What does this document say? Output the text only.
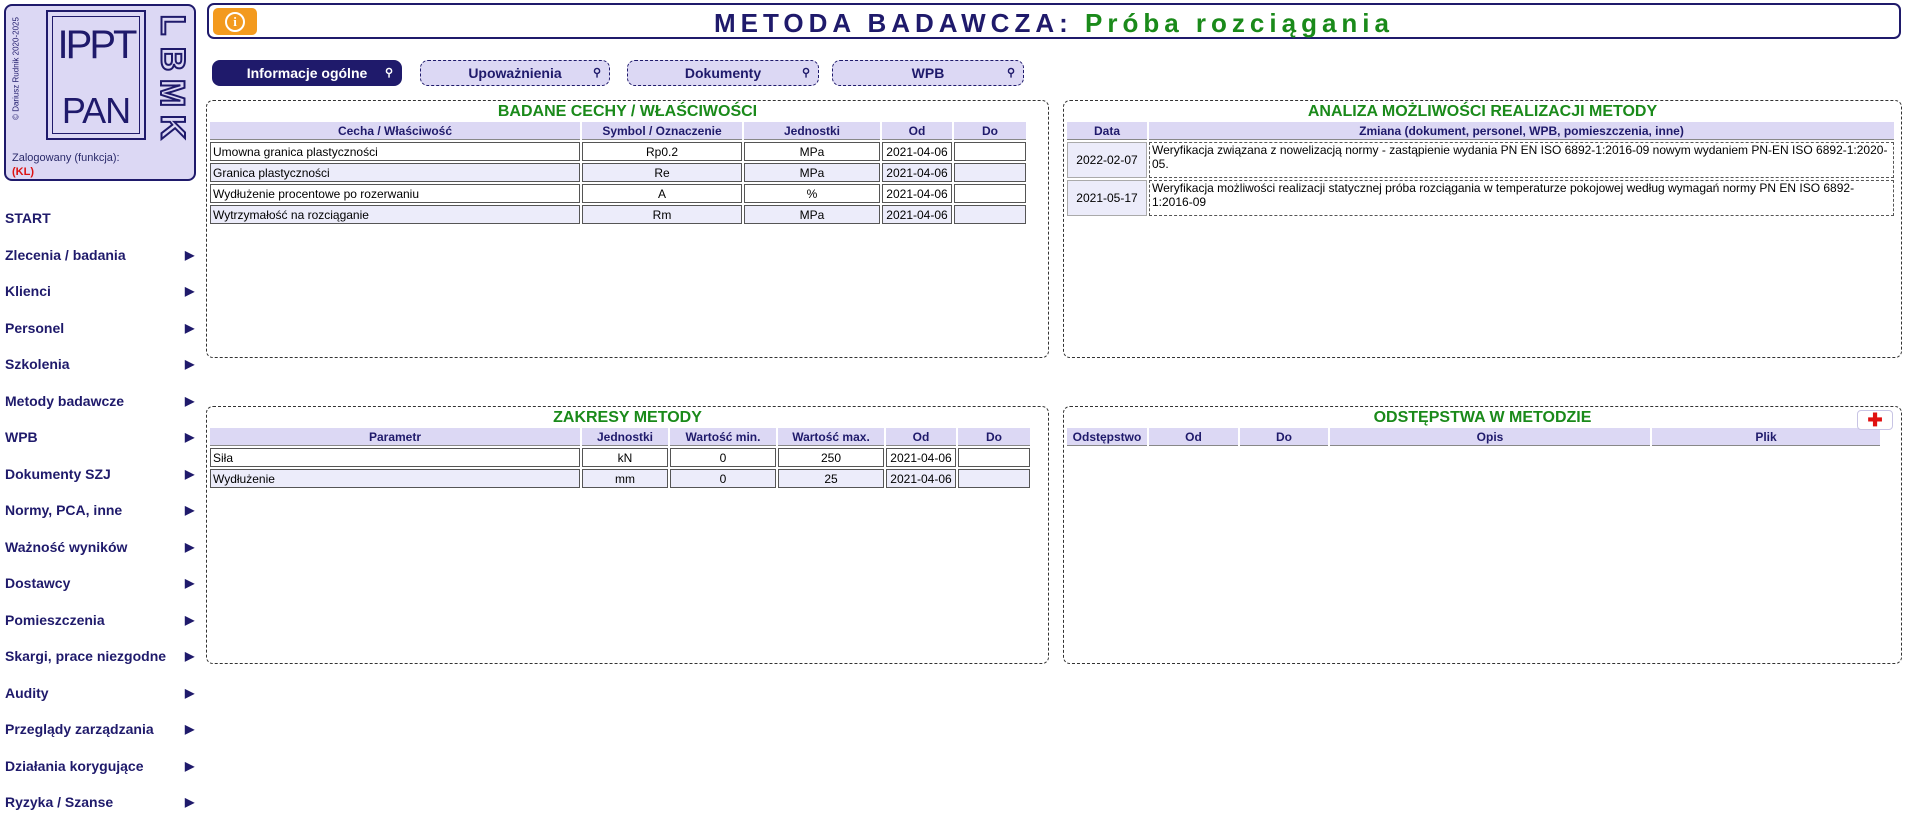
© Dariusz Rudnik 2020-2025 IPPT
PAN
L
B
M
K
Zalogowany (funkcja):
(KL)
START
Zlecenia / badania	▶
Klienci	▶
Personel	▶
Szkolenia	▶
Metody badawcze	▶
WPB	▶
Dokumenty SZJ	▶
Normy, PCA, inne	▶
Ważność wyników	▶
Dostawcy	▶
Pomieszczenia	▶
Skargi, prace niezgodne ▶
Audity	▶
Przeglądy zarządzania	▶
Działania korygujące	▶
Ryzyka / Szanse	▶
i	METODA BADAWCZA: Próba rozciągania
Informacje ogólne ⚲	Upoważnienia	⚲	Dokumenty	⚲	WPB	⚲
BADANE CECHY / WŁAŚCIWOŚCI
Cecha / Właściwość	Symbol / Oznaczenie	Jednostki	Od	Do
Umowna granica plastyczności	Rp0.2	MPa	2021-04-06	
Granica plastyczności	Re	MPa	2021-04-06	
Wydłużenie procentowe po rozerwaniu	A	%	2021-04-06	
Wytrzymałość na rozciąganie	Rm	MPa	2021-04-06	
ANALIZA MOŻLIWOŚCI REALIZACJI METODY
Data	Zmiana (dokument, personel, WPB, pomieszczenia, inne)
2022-02-07	Weryfikacja związana z nowelizacją normy - zastąpienie wydania PN EN ISO 6892-1:2016-09 nowym wydaniem PN-EN ISO 6892-1:2020-05.
2021-05-17	Weryfikacja możliwości realizacji statycznej próba rozciągania w temperaturze pokojowej według wymagań normy PN EN ISO 6892-1:2016-09
ZAKRESY METODY
Parametr	Jednostki	Wartość min.	Wartość max.	Od	Do
Siła	kN	0	250	2021-04-06	
Wydłużenie	mm	0	25	2021-04-06	
ODSTĘPSTWA W METODZIE	✚
Odstępstwo	Od	Do	Opis	Plik
